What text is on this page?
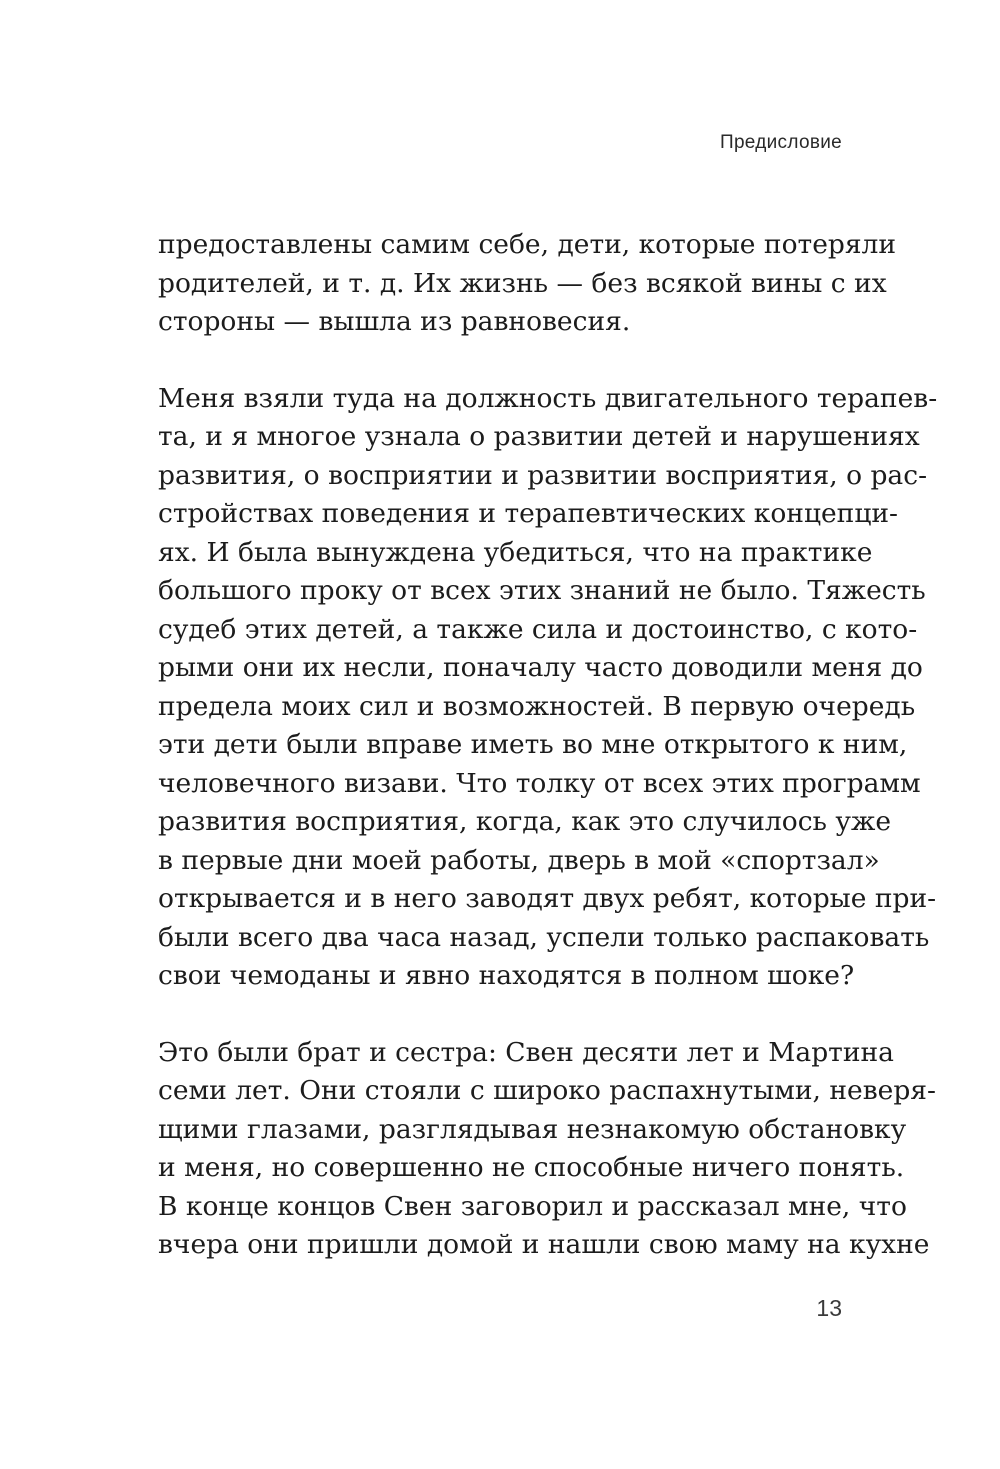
Предисловие

предоставлены самим себе, дети, которые потеряли
родителей, и т. д. Их жизнь — без всякой вины с их
стороны — вышла из равновесия.

Меня взяли туда на должность двигательного терапев-
та, и я многое узнала о развитии детей и нарушениях
развития, о восприятии и развитии восприятия, о рас-
стройствах поведения и терапевтических концепци-
ях. И была вынуждена убедиться, что на практике
большого проку от всех этих знаний не было. Тяжесть
судеб этих детей, а также сила и достоинство, с кото-
рыми они их несли, поначалу часто доводили меня до
предела моих сил и возможностей. В первую очередь
эти дети были вправе иметь во мне открытого к ним,
человечного визави. Что толку от всех этих программ
развития восприятия, когда, как это случилось уже
в первые дни моей работы, дверь в мой «спортзал»
открывается и в него заводят двух ребят, которые при-
были всего два часа назад, успели только распаковать
свои чемоданы и явно находятся в полном шоке?

Это были брат и сестра: Свен десяти лет и Мартина
семи лет. Они стояли с широко распахнутыми, неверя-
щими глазами, разглядывая незнакомую обстановку
и меня, но совершенно не способные ничего понять.
В конце концов Свен заговорил и рассказал мне, что
вчера они пришли домой и нашли свою маму на кухне

13
